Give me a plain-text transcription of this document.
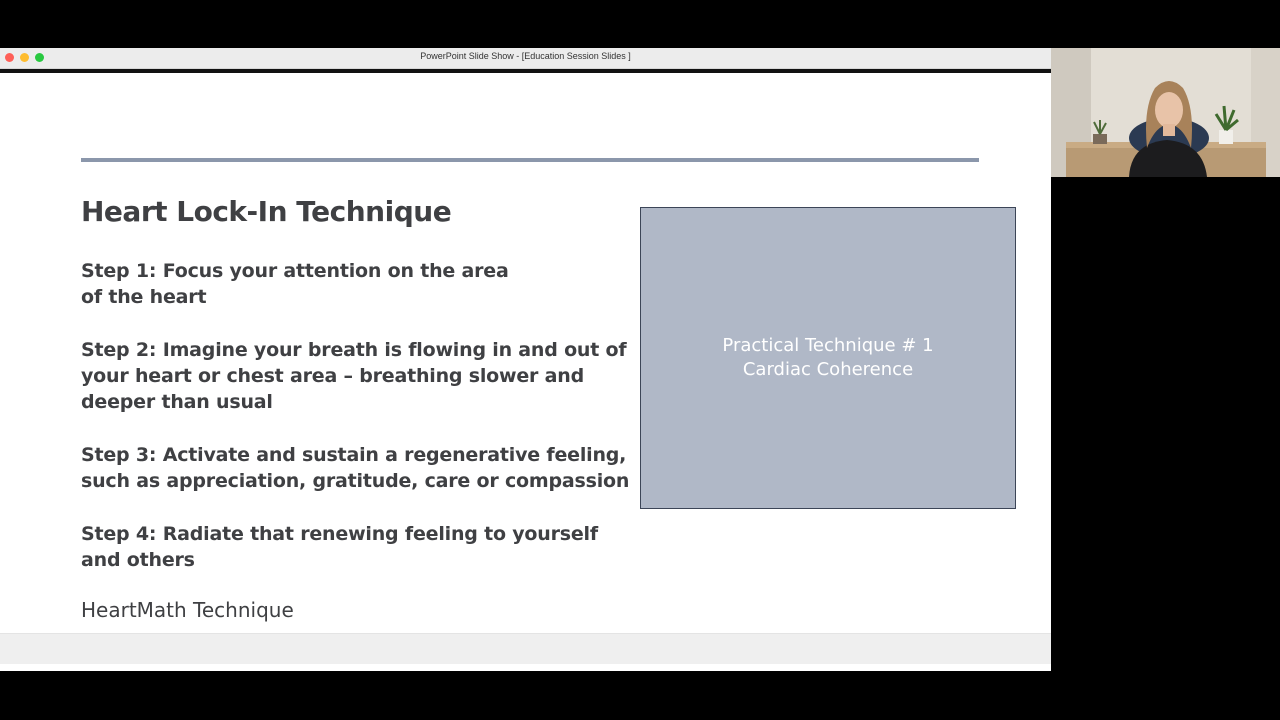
PowerPoint Slide Show - [Education Session Slides ]
Heart Lock-In Technique

Step 1: Focus your attention on the area of the heart

Step 2: Imagine your breath is flowing in and out of your heart or chest area – breathing slower and deeper than usual

Step 3: Activate and sustain a regenerative feeling, such as appreciation, gratitude, care or compassion

Step 4: Radiate that renewing feeling to yourself and others

HeartMath Technique

Practical Technique # 1
Cardiac Coherence
